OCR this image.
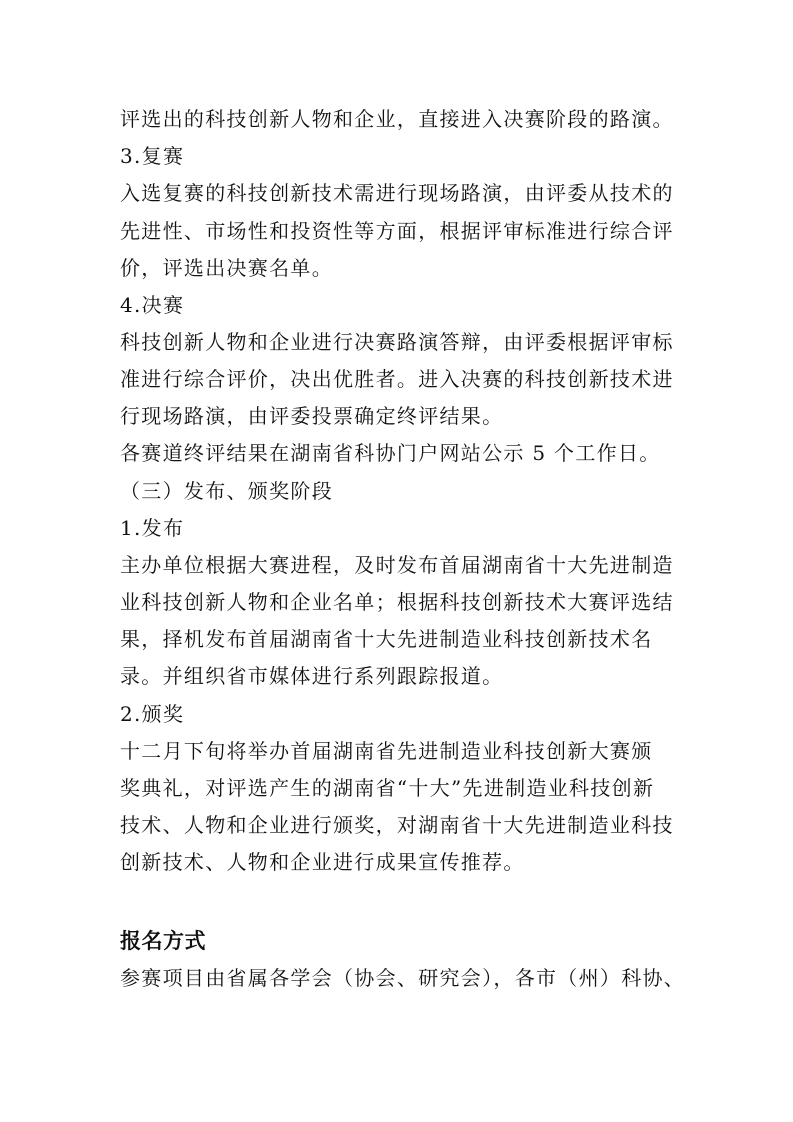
评选出的科技创新人物和企业，直接进入决赛阶段的路演。
3.复赛
入选复赛的科技创新技术需进行现场路演，由评委从技术的
先进性、市场性和投资性等方面，根据评审标准进行综合评
价，评选出决赛名单。
4.决赛
科技创新人物和企业进行决赛路演答辩，由评委根据评审标
准进行综合评价，决出优胜者。进入决赛的科技创新技术进
行现场路演，由评委投票确定终评结果。
各赛道终评结果在湖南省科协门户网站公示 5 个工作日。
（三）发布、颁奖阶段
1.发布
主办单位根据大赛进程，及时发布首届湖南省十大先进制造
业科技创新人物和企业名单；根据科技创新技术大赛评选结
果，择机发布首届湖南省十大先进制造业科技创新技术名
录。并组织省市媒体进行系列跟踪报道。
2.颁奖
十二月下旬将举办首届湖南省先进制造业科技创新大赛颁
奖典礼，对评选产生的湖南省“十大”先进制造业科技创新
技术、人物和企业进行颁奖，对湖南省十大先进制造业科技
创新技术、人物和企业进行成果宣传推荐。
报名方式
参赛项目由省属各学会（协会、研究会），各市（州）科协、
